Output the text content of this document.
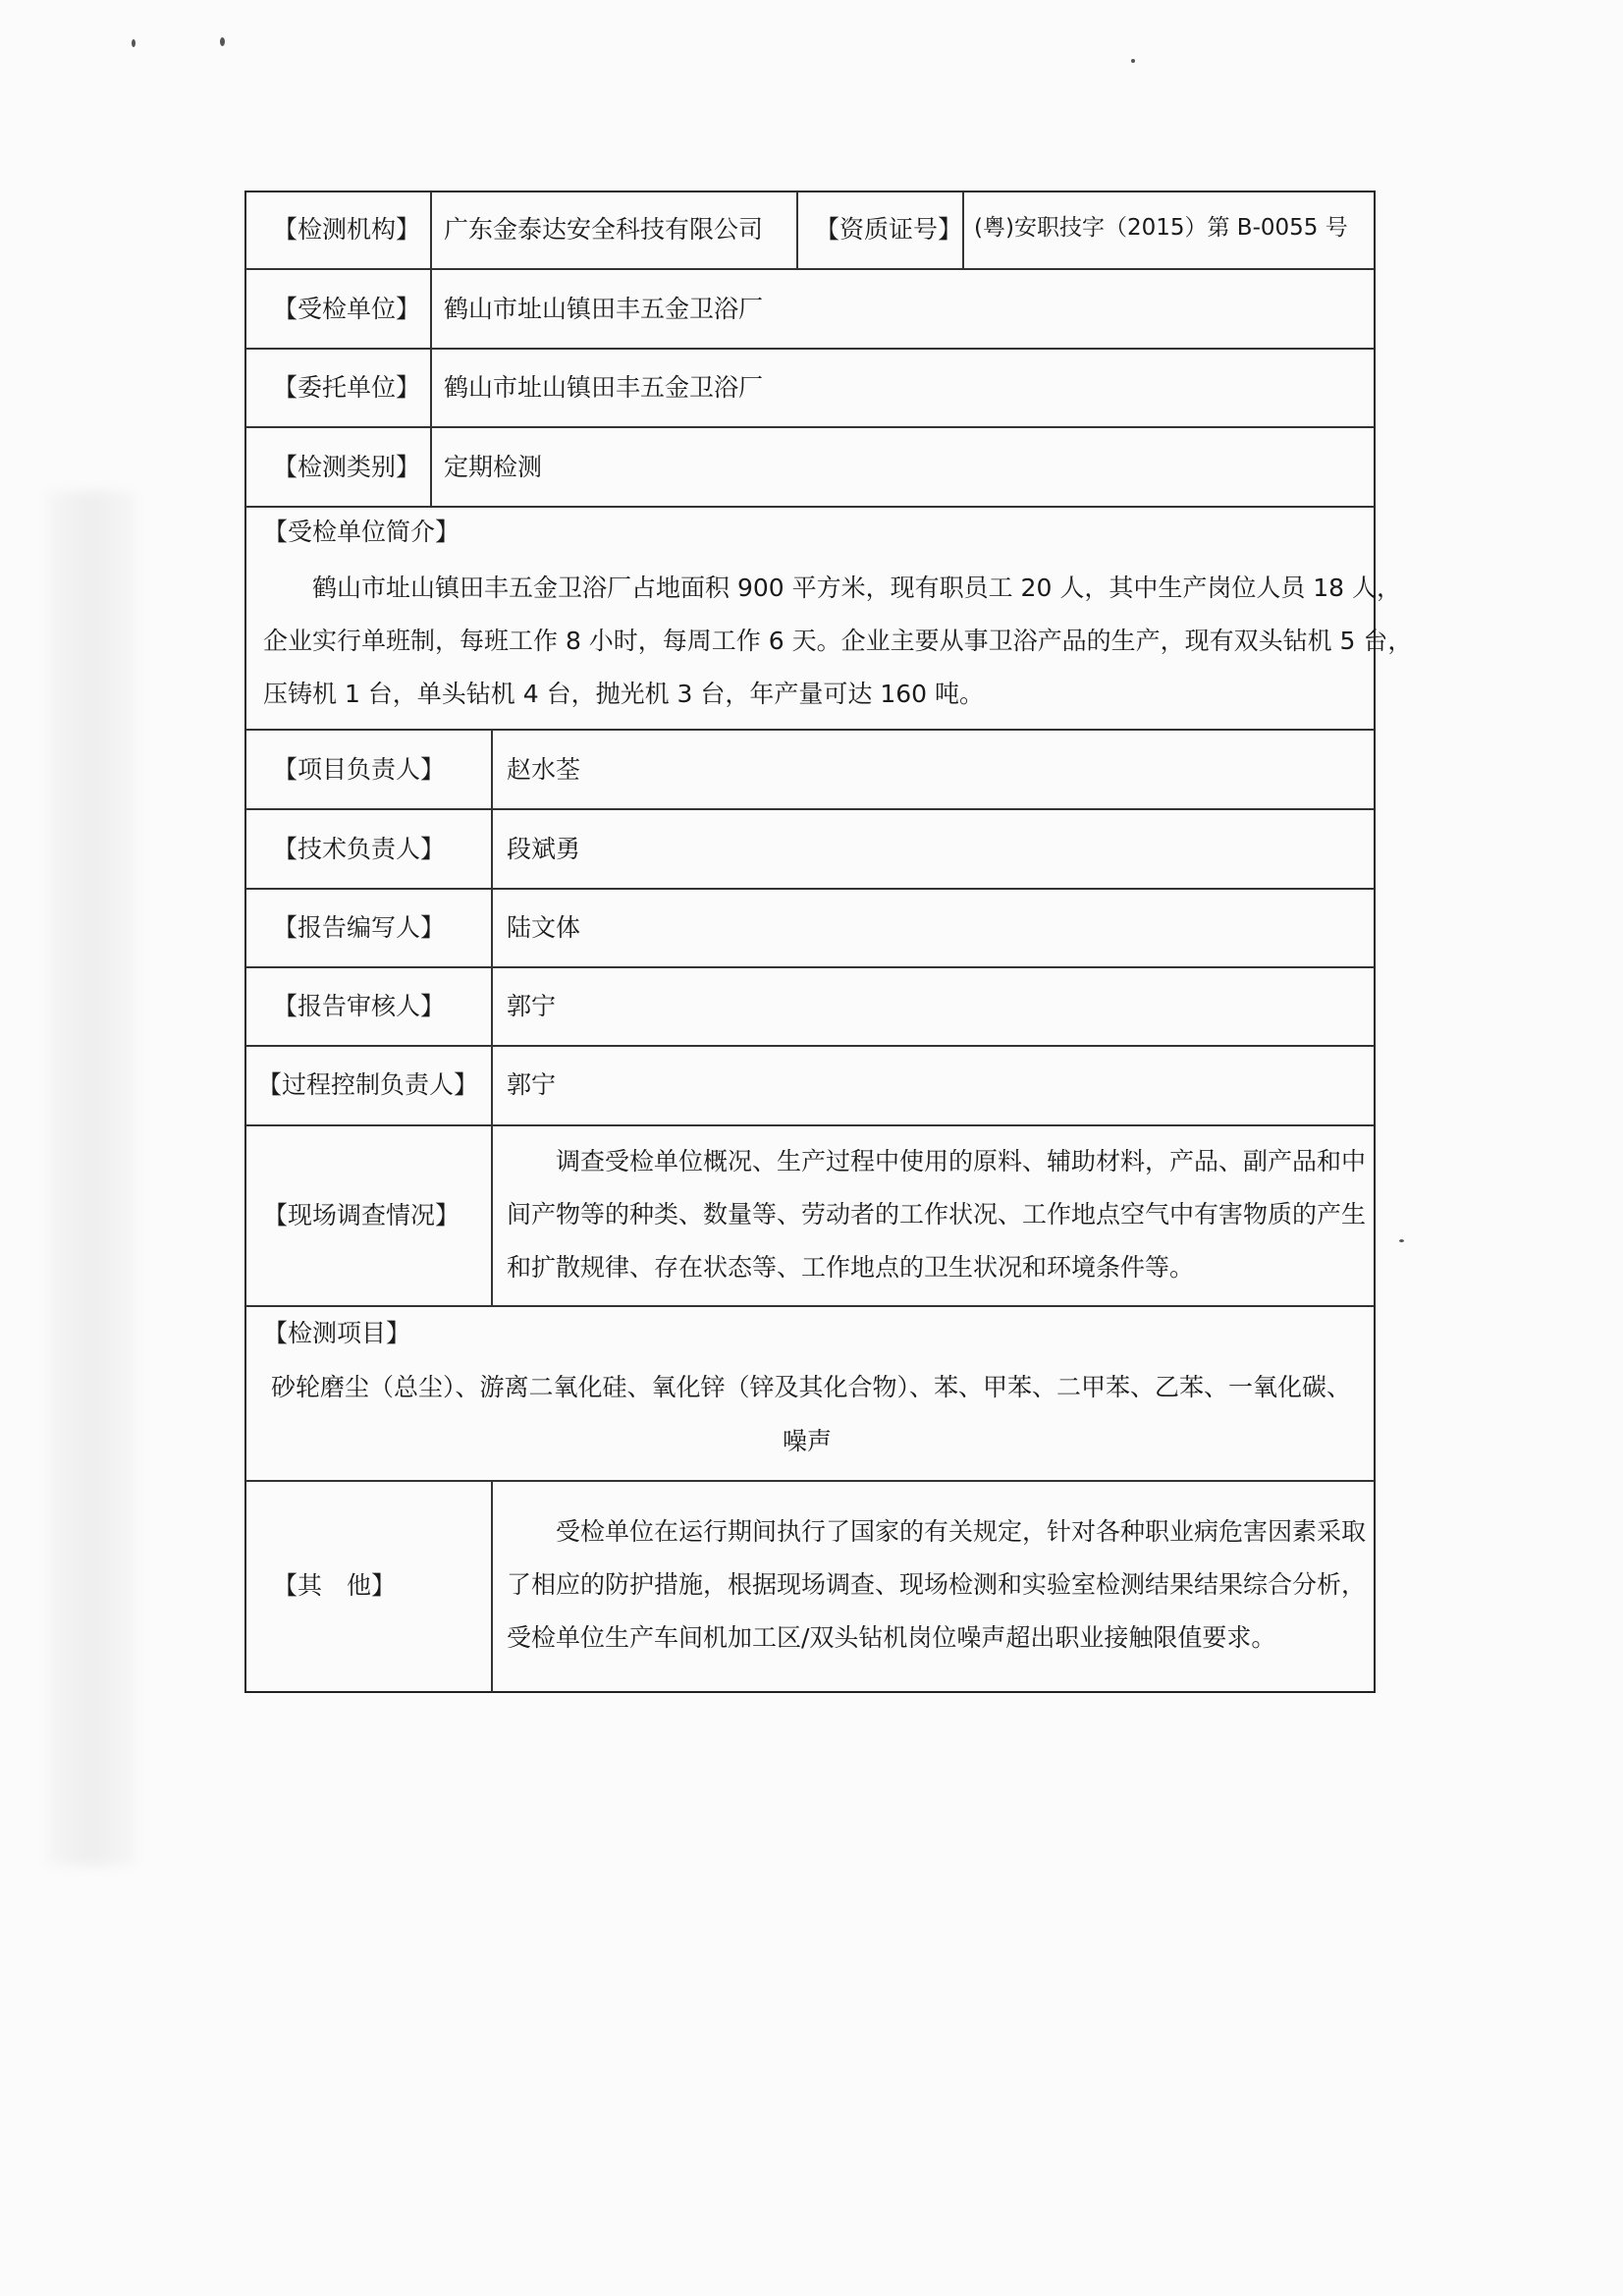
【检测机构】 广东金泰达安全科技有限公司 【资质证号】 (粤)安职技字（2015）第 B-0055 号
【受检单位】 鹤山市址山镇田丰五金卫浴厂
【委托单位】 鹤山市址山镇田丰五金卫浴厂
【检测类别】 定期检测
【受检单位简介】
鹤山市址山镇田丰五金卫浴厂占地面积 900 平方米，现有职员工 20 人，其中生产岗位人员 18 人，
企业实行单班制，每班工作 8 小时，每周工作 6 天。企业主要从事卫浴产品的生产，现有双头钻机 5 台，
压铸机 1 台，单头钻机 4 台，抛光机 3 台，年产量可达 160 吨。
【项目负责人】	赵水荃
【技术负责人】	段斌勇
【报告编写人】	陆文体
【报告审核人】	郭宁
【过程控制负责人】 郭宁
【现场调查情况】
调查受检单位概况、生产过程中使用的原料、辅助材料，产品、副产品和中
间产物等的种类、数量等、劳动者的工作状况、工作地点空气中有害物质的产生
和扩散规律、存在状态等、工作地点的卫生状况和环境条件等。
【检测项目】
砂轮磨尘（总尘）、游离二氧化硅、氧化锌（锌及其化合物）、苯、甲苯、二甲苯、乙苯、一氧化碳、
噪声
【其　他】
受检单位在运行期间执行了国家的有关规定，针对各种职业病危害因素采取
了相应的防护措施，根据现场调查、现场检测和实验室检测结果结果综合分析，
受检单位生产车间机加工区/双头钻机岗位噪声超出职业接触限值要求。
